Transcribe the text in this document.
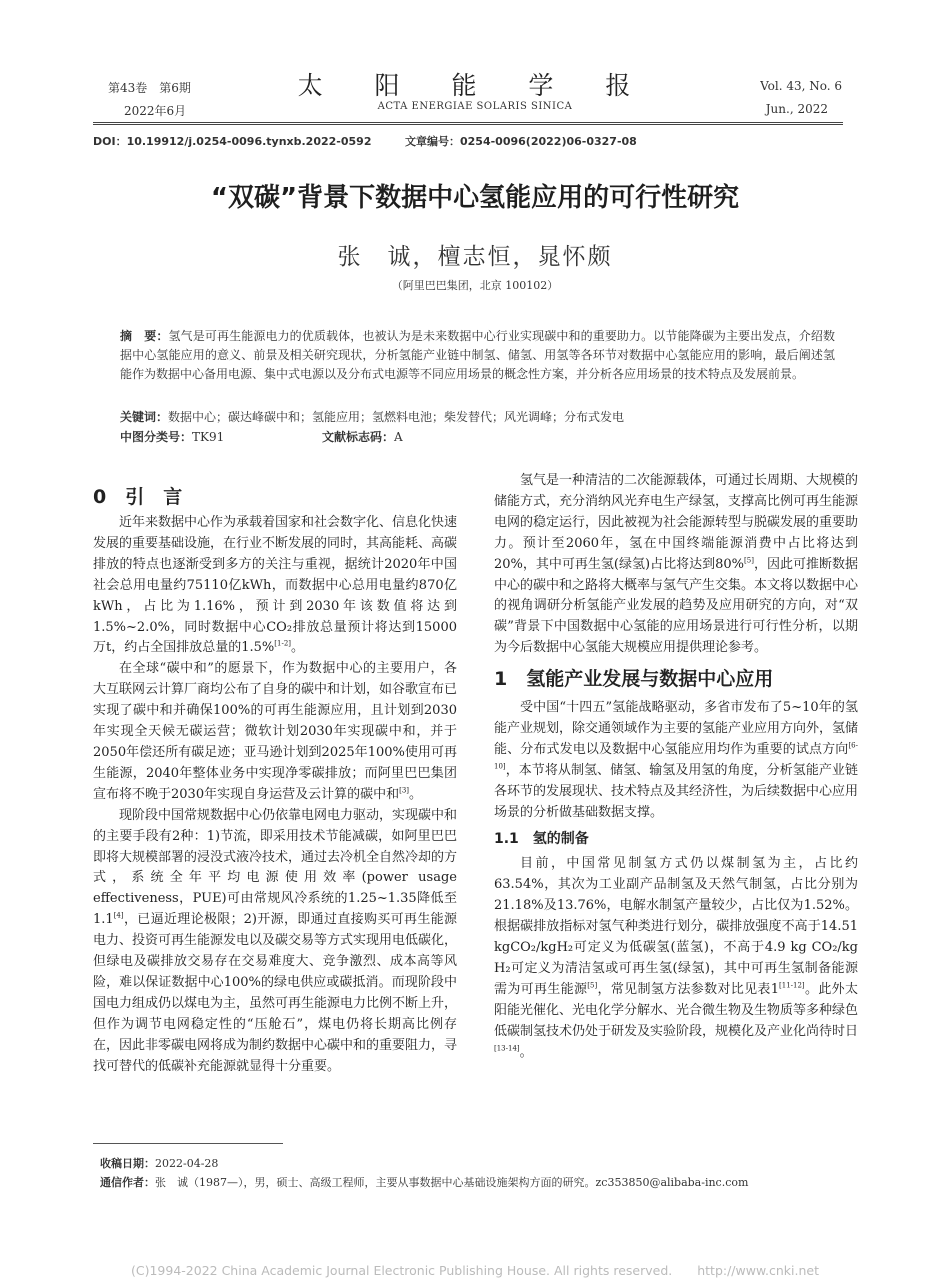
第43卷　第6期
2022年6月
太 阳 能 学 报
ACTA ENERGIAE SOLARIS SINICA
Vol. 43, No. 6
Jun., 2022
DOI：10.19912/j.0254-0096.tynxb.2022-0592	文章编号：0254-0096(2022)06-0327-08
“双碳”背景下数据中心氢能应用的可行性研究
张　诚，檀志恒，晁怀颇
（阿里巴巴集团，北京 100102）
摘　要：氢气是可再生能源电力的优质载体，也被认为是未来数据中心行业实现碳中和的重要助力。以节能降碳为主要出发点，介绍数据中心氢能应用的意义、前景及相关研究现状，分析氢能产业链中制氢、储氢、用氢等各环节对数据中心氢能应用的影响，最后阐述氢能作为数据中心备用电源、集中式电源以及分布式电源等不同应用场景的概念性方案，并分析各应用场景的技术特点及发展前景。
关键词：数据中心；碳达峰碳中和；氢能应用；氢燃料电池；柴发替代；风光调峰；分布式发电
中图分类号：TK91	文献标志码：A
0　引　言

近年来数据中心作为承载着国家和社会数字化、信息化快速发展的重要基础设施，在行业不断发展的同时，其高能耗、高碳排放的特点也逐渐受到多方的关注与重视，据统计2020年中国社会总用电量约75110亿kWh，而数据中心总用电量约870亿kWh，占比为1.16%，预计到2030年该数值将达到1.5%~2.0%，同时数据中心CO₂排放总量预计将达到15000万t，约占全国排放总量的1.5%[1-2]。

在全球“碳中和”的愿景下，作为数据中心的主要用户，各大互联网云计算厂商均公布了自身的碳中和计划，如谷歌宣布已实现了碳中和并确保100%的可再生能源应用，且计划到2030年实现全天候无碳运营；微软计划2030年实现碳中和，并于2050年偿还所有碳足迹；亚马逊计划到2025年100%使用可再生能源，2040年整体业务中实现净零碳排放；而阿里巴巴集团宣布将不晚于2030年实现自身运营及云计算的碳中和[3]。

现阶段中国常规数据中心仍依靠电网电力驱动，实现碳中和的主要手段有2种：1)节流，即采用技术节能减碳，如阿里巴巴即将大规模部署的浸没式液冷技术，通过去冷机全自然冷却的方式，系统全年平均电源使用效率(power usage effectiveness，PUE)可由常规风冷系统的1.25~1.35降低至1.1[4]，已逼近理论极限；2)开源，即通过直接购买可再生能源电力、投资可再生能源发电以及碳交易等方式实现用电低碳化，但绿电及碳排放交易存在交易难度大、竞争激烈、成本高等风险，难以保证数据中心100%的绿电供应或碳抵消。而现阶段中国电力组成仍以煤电为主，虽然可再生能源电力比例不断上升，但作为调节电网稳定性的“压舱石”，煤电仍将长期高比例存在，因此非零碳电网将成为制约数据中心碳中和的重要阻力，寻找可替代的低碳补充能源就显得十分重要。

氢气是一种清洁的二次能源载体，可通过长周期、大规模的储能方式，充分消纳风光弃电生产绿氢，支撑高比例可再生能源电网的稳定运行，因此被视为社会能源转型与脱碳发展的重要助力。预计至2060年，氢在中国终端能源消费中占比将达到20%，其中可再生氢(绿氢)占比将达到80%[5]，因此可推断数据中心的碳中和之路将大概率与氢气产生交集。本文将以数据中心的视角调研分析氢能产业发展的趋势及应用研究的方向，对“双碳”背景下中国数据中心氢能的应用场景进行可行性分析，以期为今后数据中心氢能大规模应用提供理论参考。

1　氢能产业发展与数据中心应用

受中国“十四五”氢能战略驱动，多省市发布了5~10年的氢能产业规划，除交通领域作为主要的氢能产业应用方向外，氢储能、分布式发电以及数据中心氢能应用均作为重要的试点方向[6-10]，本节将从制氢、储氢、输氢及用氢的角度，分析氢能产业链各环节的发展现状、技术特点及其经济性，为后续数据中心应用场景的分析做基础数据支撑。

1.1　氢的制备

目前，中国常见制氢方式仍以煤制氢为主，占比约63.54%，其次为工业副产品制氢及天然气制氢，占比分别为21.18%及13.76%，电解水制氢产量较少，占比仅为1.52%。根据碳排放指标对氢气种类进行划分，碳排放强度不高于14.51 kgCO₂/kgH₂可定义为低碳氢(蓝氢)，不高于4.9 kg CO₂/kg H₂可定义为清洁氢或可再生氢(绿氢)，其中可再生氢制备能源需为可再生能源[5]，常见制氢方法参数对比见表1[11-12]。此外太阳能光催化、光电化学分解水、光合微生物及生物质等多种绿色低碳制氢技术仍处于研发及实验阶段，规模化及产业化尚待时日[13-14]。

收稿日期：2022-04-28
通信作者：张　诚（1987—），男，硕士、高级工程师，主要从事数据中心基础设施架构方面的研究。zc353850@alibaba-inc.com
(C)1994-2022 China Academic Journal Electronic Publishing House. All rights reserved.　　http://www.cnki.net
